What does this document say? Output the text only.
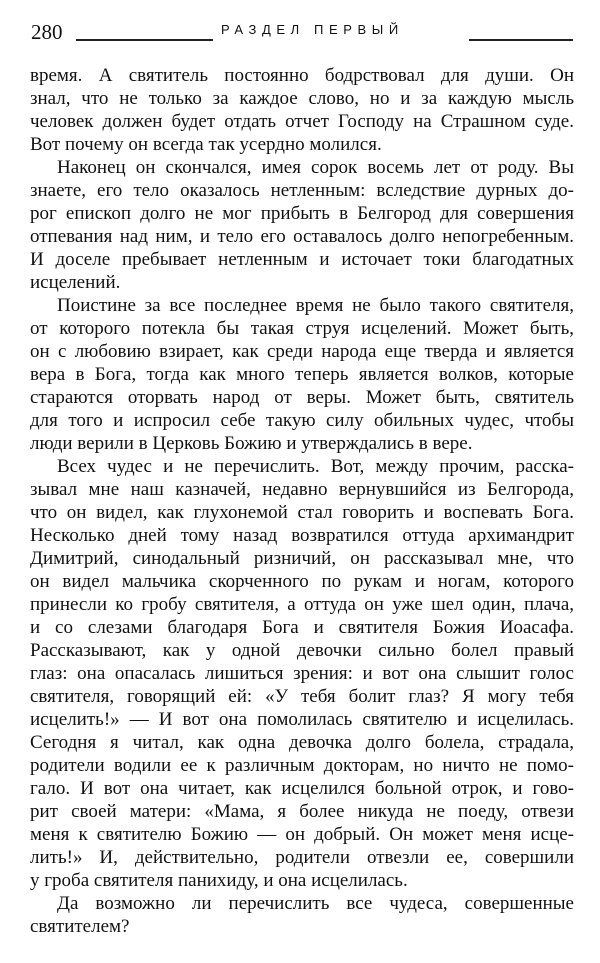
280	РАЗДЕЛ ПЕРВЫЙ
время. А святитель постоянно бодрствовал для души. Он
знал, что не только за каждое слово, но и за каждую мысль
человек должен будет отдать отчет Господу на Страшном суде.
Вот почему он всегда так усердно молился.
Наконец он скончался, имея сорок восемь лет от роду. Вы
знаете, его тело оказалось нетленным: вследствие дурных до-
рог епископ долго не мог прибыть в Белгород для совершения
отпевания над ним, и тело его оставалось долго непогребенным.
И доселе пребывает нетленным и источает токи благодатных
исцелений.
Поистине за все последнее время не было такого святителя,
от которого потекла бы такая струя исцелений. Может быть,
он с любовию взирает, как среди народа еще тверда и является
вера в Бога, тогда как много теперь является волков, которые
стараются оторвать народ от веры. Может быть, святитель
для того и испросил себе такую силу обильных чудес, чтобы
люди верили в Церковь Божию и утверждались в вере.
Всех чудес и не перечислить. Вот, между прочим, расска-
зывал мне наш казначей, недавно вернувшийся из Белгорода,
что он видел, как глухонемой стал говорить и воспевать Бога.
Несколько дней тому назад возвратился оттуда архимандрит
Димитрий, синодальный ризничий, он рассказывал мне, что
он видел мальчика скорченного по рукам и ногам, которого
принесли ко гробу святителя, а оттуда он уже шел один, плача,
и со слезами благодаря Бога и святителя Божия Иоасафа.
Рассказывают, как у одной девочки сильно болел правый
глаз: она опасалась лишиться зрения: и вот она слышит голос
святителя, говорящий ей: «У тебя болит глаз? Я могу тебя
исцелить!» — И вот она помолилась святителю и исцелилась.
Сегодня я читал, как одна девочка долго болела, страдала,
родители водили ее к различным докторам, но ничто не помо-
гало. И вот она читает, как исцелился больной отрок, и гово-
рит своей матери: «Мама, я более никуда не поеду, отвези
меня к святителю Божию — он добрый. Он может меня исце-
лить!» И, действительно, родители отвезли ее, совершили
у гроба святителя панихиду, и она исцелилась.
Да возможно ли перечислить все чудеса, совершенные
святителем?
